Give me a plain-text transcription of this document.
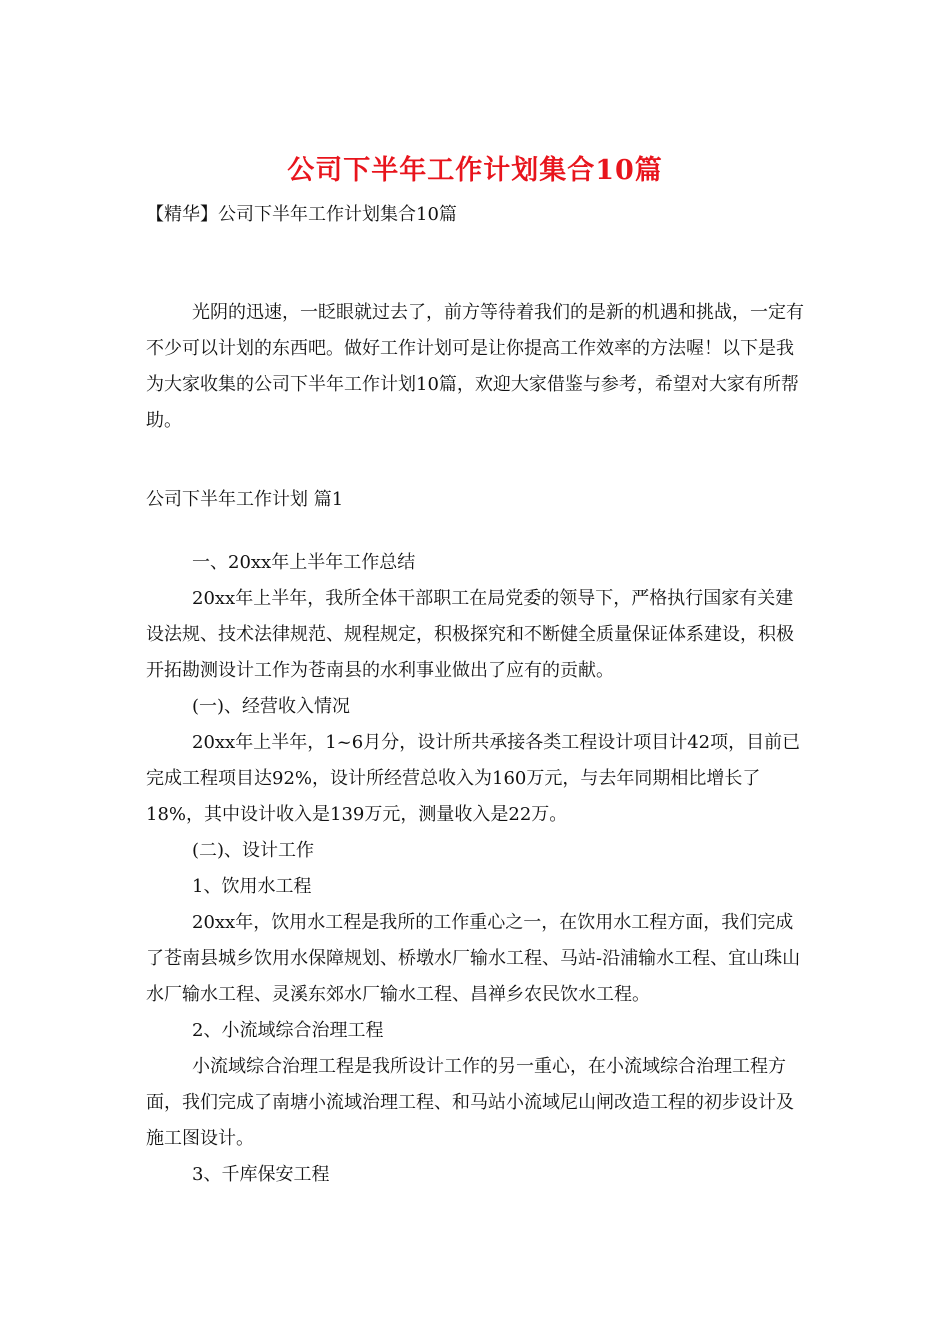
公司下半年工作计划集合10篇
【精华】公司下半年工作计划集合10篇

光阴的迅速，一眨眼就过去了，前方等待着我们的是新的机遇和挑战，一定有不少可以计划的东西吧。做好工作计划可是让你提高工作效率的方法喔！以下是我为大家收集的公司下半年工作计划10篇，欢迎大家借鉴与参考，希望对大家有所帮助。

公司下半年工作计划 篇1

一、20xx年上半年工作总结

20xx年上半年，我所全体干部职工在局党委的领导下，严格执行国家有关建设法规、技术法律规范、规程规定，积极探究和不断健全质量保证体系建设，积极开拓勘测设计工作为苍南县的水利事业做出了应有的贡献。

(一)、经营收入情况

20xx年上半年，1~6月分，设计所共承接各类工程设计项目计42项，目前已完成工程项目达92%，设计所经营总收入为160万元，与去年同期相比增长了18%，其中设计收入是139万元，测量收入是22万。

(二)、设计工作

1、饮用水工程

20xx年，饮用水工程是我所的工作重心之一，在饮用水工程方面，我们完成了苍南县城乡饮用水保障规划、桥墩水厂输水工程、马站-沿浦输水工程、宜山珠山水厂输水工程、灵溪东郊水厂输水工程、昌禅乡农民饮水工程。

2、小流域综合治理工程

小流域综合治理工程是我所设计工作的另一重心，在小流域综合治理工程方面，我们完成了南塘小流域治理工程、和马站小流域尼山闸改造工程的初步设计及施工图设计。

3、千库保安工程
